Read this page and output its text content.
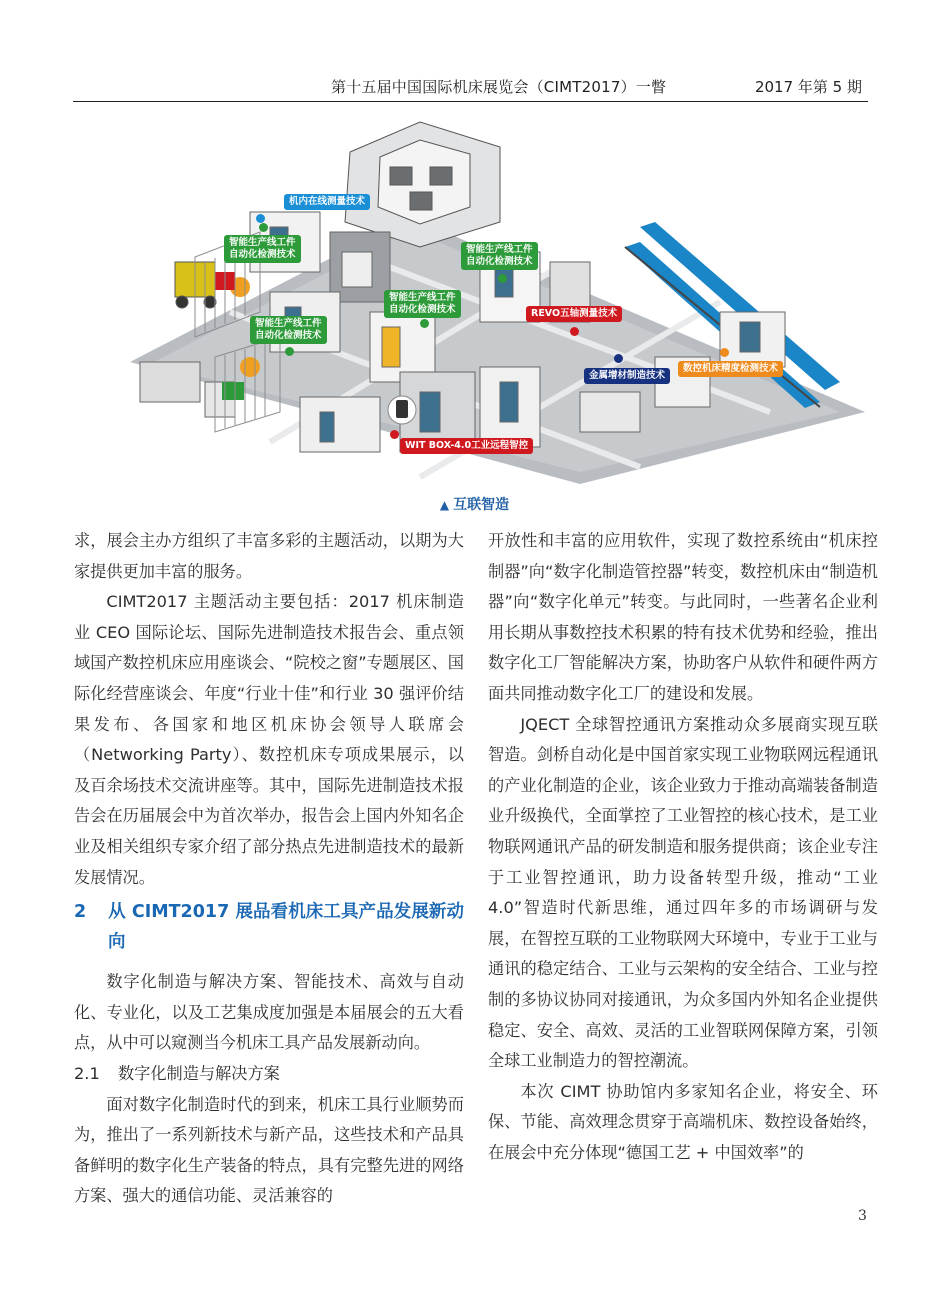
第十五届中国国际机床展览会（CIMT2017）一瞥	2017 年第 5 期
机内在线测量技术
智能生产线工件
自动化检测技术	智能生产线工件
自动化检测技术
智能生产线工件
自动化检测技术
智能生产线工件
自动化检测技术
REVO五轴测量技术
金属增材制造技术
数控机床精度检测技术
WIT BOX-4.0工业远程智控
▲ 互联智造

求，展会主办方组织了丰富多彩的主题活动，以期为大家提供更加丰富的服务。

CIMT2017 主题活动主要包括：2017 机床制造业 CEO 国际论坛、国际先进制造技术报告会、重点领域国产数控机床应用座谈会、“院校之窗”专题展区、国际化经营座谈会、年度“行业十佳”和行业 30 强评价结果发布、各国家和地区机床协会领导人联席会（Networking Party）、数控机床专项成果展示，以及百余场技术交流讲座等。其中，国际先进制造技术报告会在历届展会中为首次举办，报告会上国内外知名企业及相关组织专家介绍了部分热点先进制造技术的最新发展情况。

2 从 CIMT2017 展品看机床工具产品发展新动向

数字化制造与解决方案、智能技术、高效与自动化、专业化，以及工艺集成度加强是本届展会的五大看点，从中可以窥测当今机床工具产品发展新动向。

2.1 数字化制造与解决方案

面对数字化制造时代的到来，机床工具行业顺势而为，推出了一系列新技术与新产品，这些技术和产品具备鲜明的数字化生产装备的特点，具有完整先进的网络方案、强大的通信功能、灵活兼容的

开放性和丰富的应用软件，实现了数控系统由“机床控制器”向“数字化制造管控器”转变，数控机床由“制造机器”向“数字化单元”转变。与此同时，一些著名企业利用长期从事数控技术积累的特有技术优势和经验，推出数字化工厂智能解决方案，协助客户从软件和硬件两方面共同推动数字化工厂的建设和发展。

JQECT 全球智控通讯方案推动众多展商实现互联智造。剑桥自动化是中国首家实现工业物联网远程通讯的产业化制造的企业，该企业致力于推动高端装备制造业升级换代，全面掌控了工业智控的核心技术，是工业物联网通讯产品的研发制造和服务提供商；该企业专注于工业智控通讯，助力设备转型升级，推动“工业 4.0”智造时代新思维，通过四年多的市场调研与发展，在智控互联的工业物联网大环境中，专业于工业与通讯的稳定结合、工业与云架构的安全结合、工业与控制的多协议协同对接通讯，为众多国内外知名企业提供稳定、安全、高效、灵活的工业智联网保障方案，引领全球工业制造力的智控潮流。

本次 CIMT 协助馆内多家知名企业，将安全、环保、节能、高效理念贯穿于高端机床、数控设备始终，在展会中充分体现“德国工艺 + 中国效率”的

3
